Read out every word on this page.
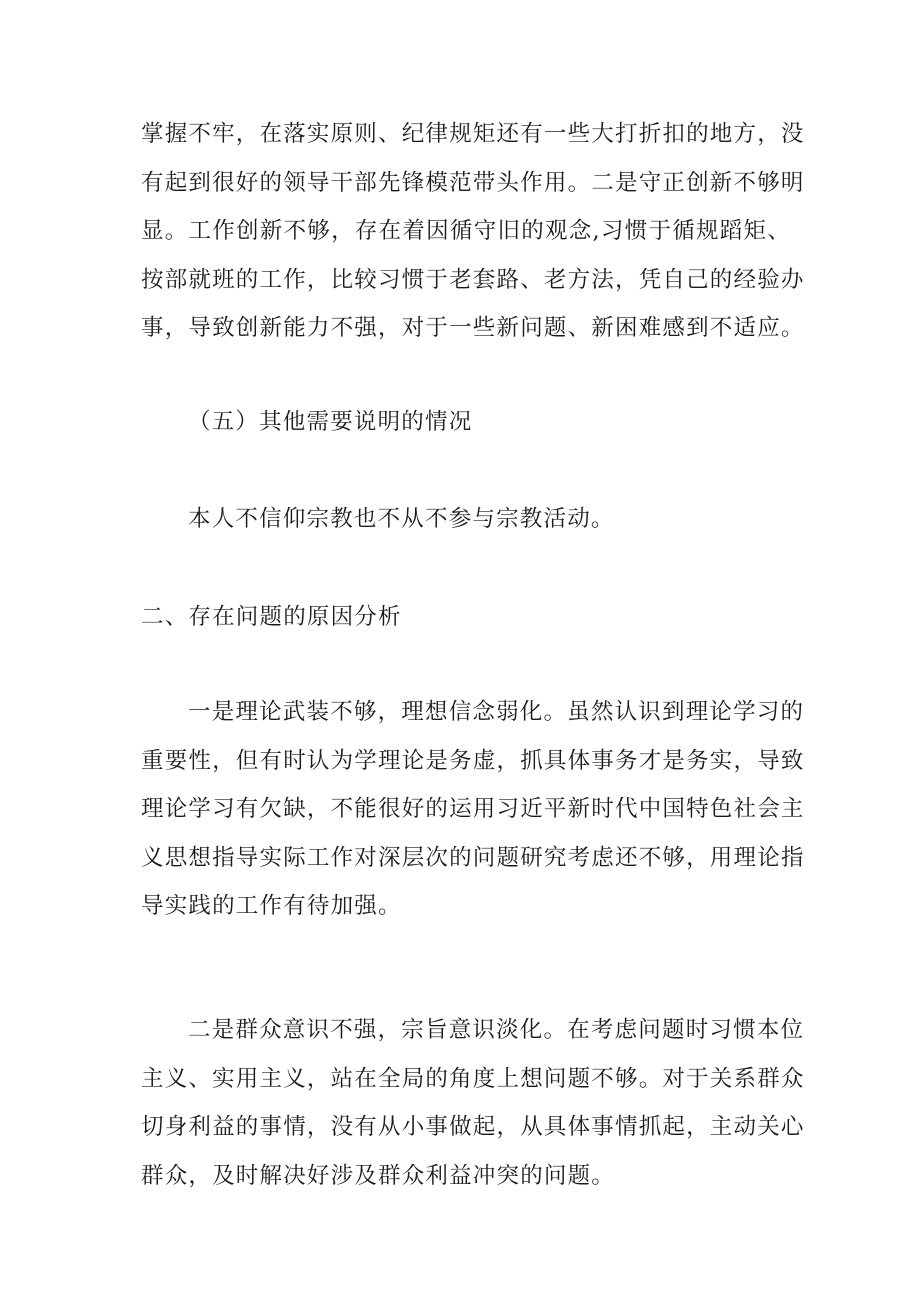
掌握不牢，在落实原则、纪律规矩还有一些大打折扣的地方，没
有起到很好的领导干部先锋模范带头作用。二是守正创新不够明
显。工作创新不够，存在着因循守旧的观念,习惯于循规蹈矩、
按部就班的工作，比较习惯于老套路、老方法，凭自己的经验办
事，导致创新能力不强，对于一些新问题、新困难感到不适应。

（五）其他需要说明的情况

本人不信仰宗教也不从不参与宗教活动。

二、存在问题的原因分析

一是理论武装不够，理想信念弱化。虽然认识到理论学习的
重要性，但有时认为学理论是务虚，抓具体事务才是务实，导致
理论学习有欠缺，不能很好的运用习近平新时代中国特色社会主
义思想指导实际工作对深层次的问题研究考虑还不够，用理论指
导实践的工作有待加强。

二是群众意识不强，宗旨意识淡化。在考虑问题时习惯本位
主义、实用主义，站在全局的角度上想问题不够。对于关系群众
切身利益的事情，没有从小事做起，从具体事情抓起，主动关心
群众，及时解决好涉及群众利益冲突的问题。
